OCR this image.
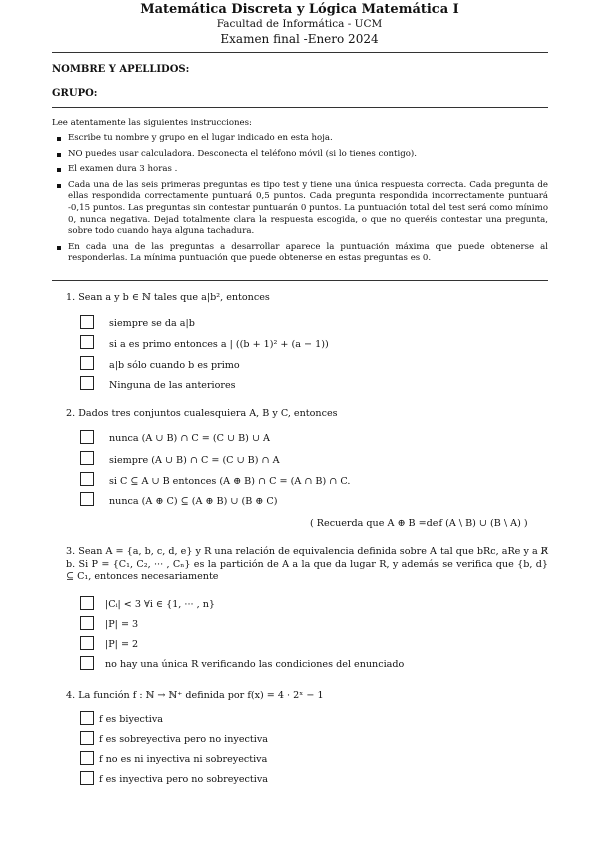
Matemática Discreta y Lógica Matemática I
Facultad de Informática - UCM
Examen final -Enero 2024
NOMBRE Y APELLIDOS:
GRUPO:
Lee atentamente las siguientes instrucciones:
Escribe tu nombre y grupo en el lugar indicado en esta hoja.
NO puedes usar calculadora. Desconecta el teléfono móvil (si lo tienes contigo).
El examen dura 3 horas .
Cada una de las seis primeras preguntas es tipo test y tiene una única respuesta correcta. Cada pregunta de ellas respondida correctamente puntuará 0,5 puntos. Cada pregunta respondida incorrectamente puntuará -0,15 puntos. Las preguntas sin contestar puntuarán 0 puntos. La puntuación total del test será como mínimo 0, nunca negativa. Dejad totalmente clara la respuesta escogida, o que no queréis contestar una pregunta, sobre todo cuando haya alguna tachadura.
En cada una de las preguntas a desarrollar aparece la puntuación máxima que puede obtenerse al responderlas. La mínima puntuación que puede obtenerse en estas preguntas es 0.
1. Sean a y b ∈ ℕ tales que a|b², entonces
siempre se da a|b
si a es primo entonces a | ((b + 1)² + (a − 1))
a|b sólo cuando b es primo
Ninguna de las anteriores
2. Dados tres conjuntos cualesquiera A, B y C, entonces
nunca (A ∪ B) ∩ C = (C ∪ B) ∪ A
siempre (A ∪ B) ∩ C = (C ∪ B) ∩ A
si C ⊆ A ∪ B entonces (A ⊕ B) ∩ C = (A ∩ B) ∩ C.
nunca (A ⊕ C) ⊆ (A ⊕ B) ∪ (B ⊕ C)
( Recuerda que A ⊕ B =def (A \ B) ∪ (B \ A) )
3. Sean A = {a, b, c, d, e} y R una relación de equivalencia definida sobre A tal que bRc, aRe y a R̸ b. Si P = {C₁, C₂, ··· , Cₙ} es la partición de A a la que da lugar R, y además se verifica que {b, d} ⊆ C₁, entonces necesariamente
|Cᵢ| < 3 ∀i ∈ {1, ··· , n}
|P| = 3
|P| = 2
no hay una única R verificando las condiciones del enunciado
4. La función f : ℕ → ℕ⁺ definida por f(x) = 4 · 2ˣ − 1
f es biyectiva
f es sobreyectiva pero no inyectiva
f no es ni inyectiva ni sobreyectiva
f es inyectiva pero no sobreyectiva
